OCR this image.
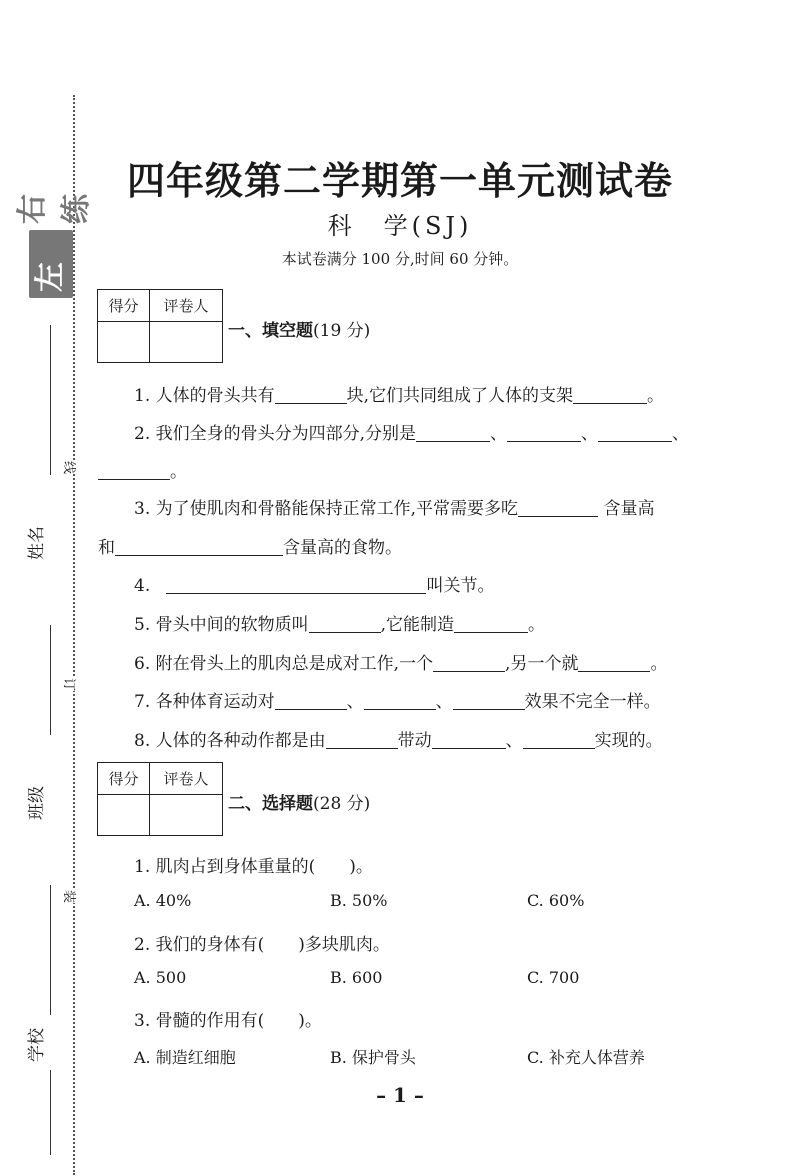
线
订
装
左记
右练
姓名
班级
学校
四年级第二学期第一单元测试卷
科　学(SJ)
本试卷满分 100 分,时间 60 分钟。
得分	评卷人
一、填空题(19 分)
1. 人体的骨头共有	块,它们共同组成了人体的支架	。
2. 我们全身的骨头分为四部分,分别是	、	、	、
。
3. 为了使肌肉和骨骼能保持正常工作,平常需要多吃	含量高
和	含量高的食物。
4.	叫关节。
5. 骨头中间的软物质叫	,它能制造	。
6. 附在骨头上的肌肉总是成对工作,一个	,另一个就	。
7. 各种体育运动对	、	、	效果不完全一样。
8. 人体的各种动作都是由	带动	、	实现的。
得分	评卷人
二、选择题(28 分)
1. 肌肉占到身体重量的(　　)。
A. 40%	B. 50%	C. 60%
2. 我们的身体有(　　)多块肌肉。
A. 500	B. 600	C. 700
3. 骨髓的作用有(　　)。
A. 制造红细胞	B. 保护骨头	C. 补充人体营养
– 1 –
